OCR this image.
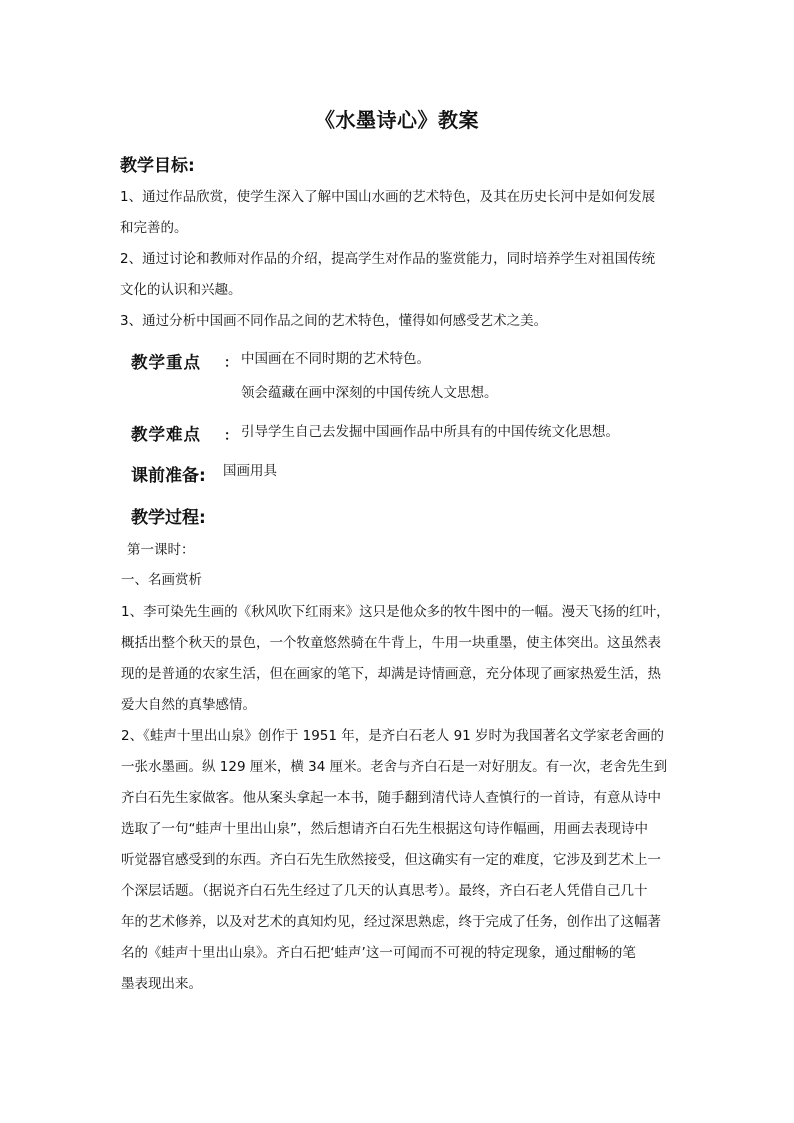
《水墨诗心》教案
教学目标:
1、通过作品欣赏，使学生深入了解中国山水画的艺术特色，及其在历史长河中是如何发展
和完善的。
2、通过讨论和教师对作品的介绍，提高学生对作品的鉴赏能力，同时培养学生对祖国传统
文化的认识和兴趣。
3、通过分析中国画不同作品之间的艺术特色，懂得如何感受艺术之美。
教学重点 ： 中国画在不同时期的艺术特色。
领会蕴藏在画中深刻的中国传统人文思想。
教学难点 ： 引导学生自己去发掘中国画作品中所具有的中国传统文化思想。
课前准备: 国画用具
教学过程:
第一课时：
一、名画赏析
1、李可染先生画的《秋风吹下红雨来》这只是他众多的牧牛图中的一幅。漫天飞扬的红叶，
概括出整个秋天的景色，一个牧童悠然骑在牛背上，牛用一块重墨，使主体突出。这虽然表
现的是普通的农家生活，但在画家的笔下，却满是诗情画意，充分体现了画家热爱生活，热
爱大自然的真挚感情。
2、《蛙声十里出山泉》创作于 1951 年，是齐白石老人 91 岁时为我国著名文学家老舍画的
一张水墨画。纵 129 厘米，横 34 厘米。老舍与齐白石是一对好朋友。有一次，老舍先生到
齐白石先生家做客。他从案头拿起一本书，随手翻到清代诗人查慎行的一首诗，有意从诗中
选取了一句“蛙声十里出山泉”，然后想请齐白石先生根据这句诗作幅画，用画去表现诗中
听觉器官感受到的东西。齐白石先生欣然接受，但这确实有一定的难度，它涉及到艺术上一
个深层话题。（据说齐白石先生经过了几天的认真思考）。最终，齐白石老人凭借自己几十
年的艺术修养，以及对艺术的真知灼见，经过深思熟虑，终于完成了任务，创作出了这幅著
名的《蛙声十里出山泉》。齐白石把‘蛙声’这一可闻而不可视的特定现象，通过酣畅的笔
墨表现出来。
